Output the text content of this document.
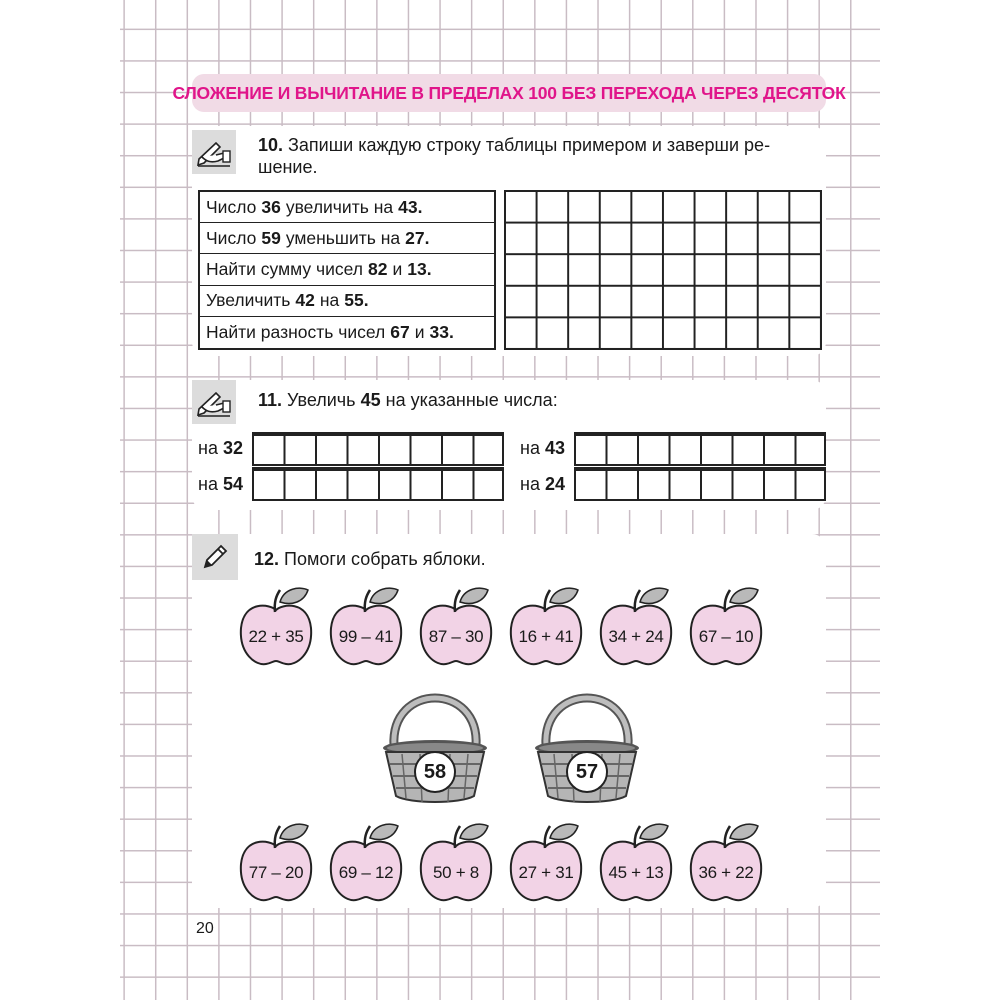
СЛОЖЕНИЕ И ВЫЧИТАНИЕ В ПРЕДЕЛАХ 100 БЕЗ ПЕРЕХОДА ЧЕРЕЗ ДЕСЯТОК
10. Запиши каждую строку таблицы примером и заверши ре-
шение.
Число 36 увеличить на 43 .
Число 59 уменьшить на 27 .
Найти сумму чисел 82 и 13 .
Увеличить 42 на 55 .
Найти разность чисел 67 и 33 .
11. Увеличь 45 на указанные числа:
на 32
на 54
на 43
на 24
12. Помоги собрать яблоки.
22 + 35	99 – 41	87 – 30	16 + 41	34 + 24	67 – 10
58	57
77 – 20	69 – 12	50 + 8	27 + 31	45 + 13	36 + 22
20
